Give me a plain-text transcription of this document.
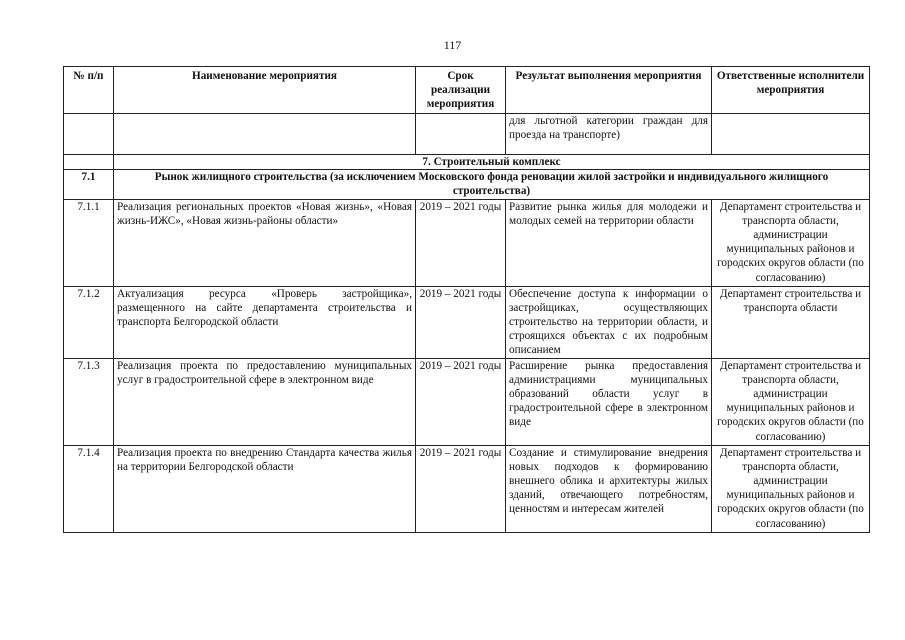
117
№ п/п	Наименование мероприятия	Срок реализации мероприятия	Результат выполнения мероприятия	Ответственные исполнители мероприятия
			для льготной категории граждан для проезда на транспорте)	
	7. Строительный комплекс			
7.1	Рынок жилищного строительства (за исключением Московского фонда реновации жилой застройки и индивидуального жилищного строительства)			
7.1.1	Реализация региональных проектов «Новая жизнь», «Новая жизнь-ИЖС», «Новая жизнь-районы области»	2019 – 2021 годы	Развитие рынка жилья для молодежи и молодых семей на территории области	Департамент строительства и транспорта области, администрации муниципальных районов и городских округов области (по согласованию)
7.1.2	Актуализация ресурса «Проверь застройщика», размещенного на сайте департамента строительства и транспорта Белгородской области	2019 – 2021 годы	Обеспечение доступа к информации о застройщиках, осуществляющих строительство на территории области, и строящихся объектах с их подробным описанием	Департамент строительства и транспорта области
7.1.3	Реализация проекта по предоставлению муниципальных услуг в градостроительной сфере в электронном виде	2019 – 2021 годы	Расширение рынка предоставления администрациями муниципальных образований области услуг в градостроительной сфере в электронном виде	Департамент строительства и транспорта области, администрации муниципальных районов и городских округов области (по согласованию)
7.1.4	Реализация проекта по внедрению Стандарта качества жилья на территории Белгородской области	2019 – 2021 годы	Создание и стимулирование внедрения новых подходов к формированию внешнего облика и архитектуры жилых зданий, отвечающего потребностям, ценностям и интересам жителей	Департамент строительства и транспорта области, администрации муниципальных районов и городских округов области (по согласованию)
